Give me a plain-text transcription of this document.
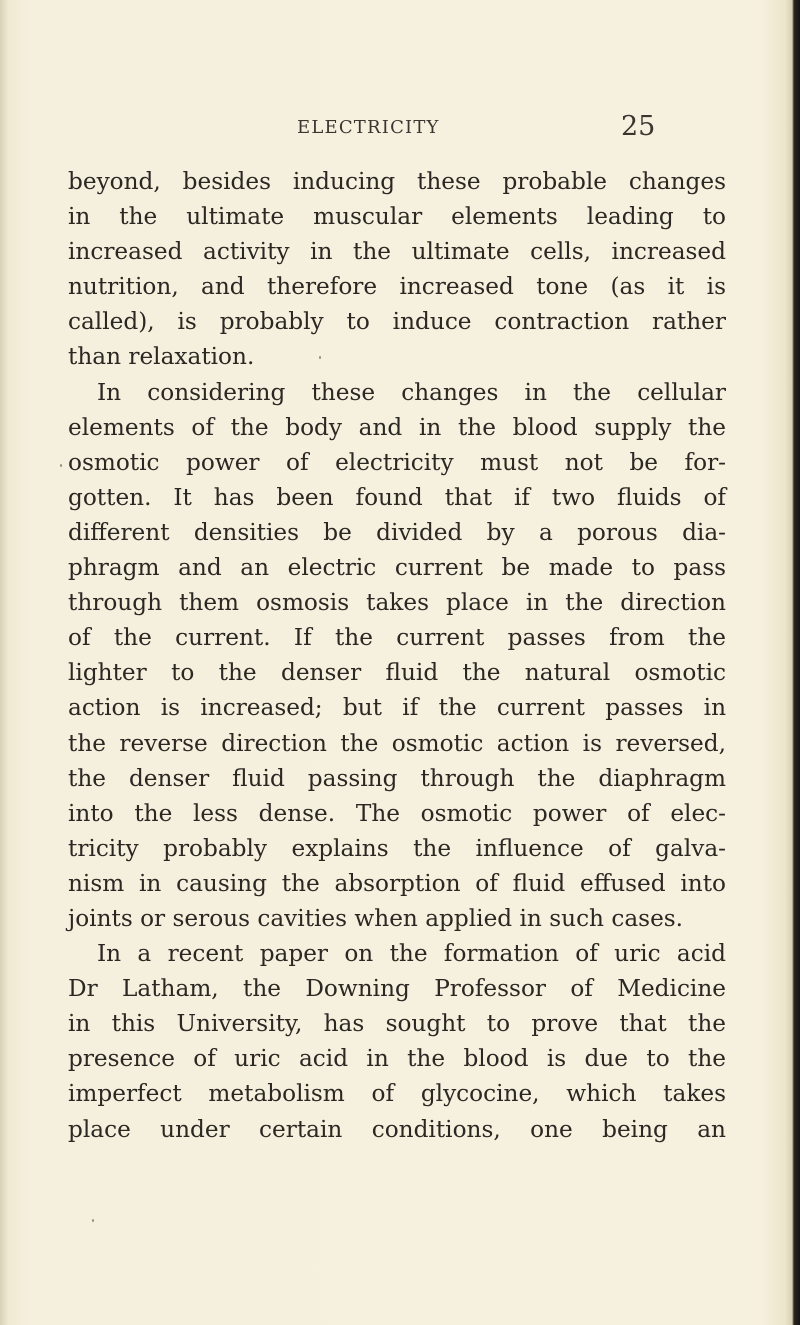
ELECTRICITY	25
beyond, besides inducing these probable changes
in the ultimate muscular elements leading to
increased activity in the ultimate cells, increased
nutrition, and therefore increased tone (as it is
called), is probably to induce contraction rather
than relaxation.
In considering these changes in the cellular
elements of the body and in the blood supply the
osmotic power of electricity must not be for-
gotten. It has been found that if two fluids of
different densities be divided by a porous dia-
phragm and an electric current be made to pass
through them osmosis takes place in the direction
of the current. If the current passes from the
lighter to the denser fluid the natural osmotic
action is increased; but if the current passes in
the reverse direction the osmotic action is reversed,
the denser fluid passing through the diaphragm
into the less dense. The osmotic power of elec-
tricity probably explains the influence of galva-
nism in causing the absorption of fluid effused into
joints or serous cavities when applied in such cases.
In a recent paper on the formation of uric acid
Dr Latham, the Downing Professor of Medicine
in this University, has sought to prove that the
presence of uric acid in the blood is due to the
imperfect metabolism of glycocine, which takes
place under certain conditions, one being an
